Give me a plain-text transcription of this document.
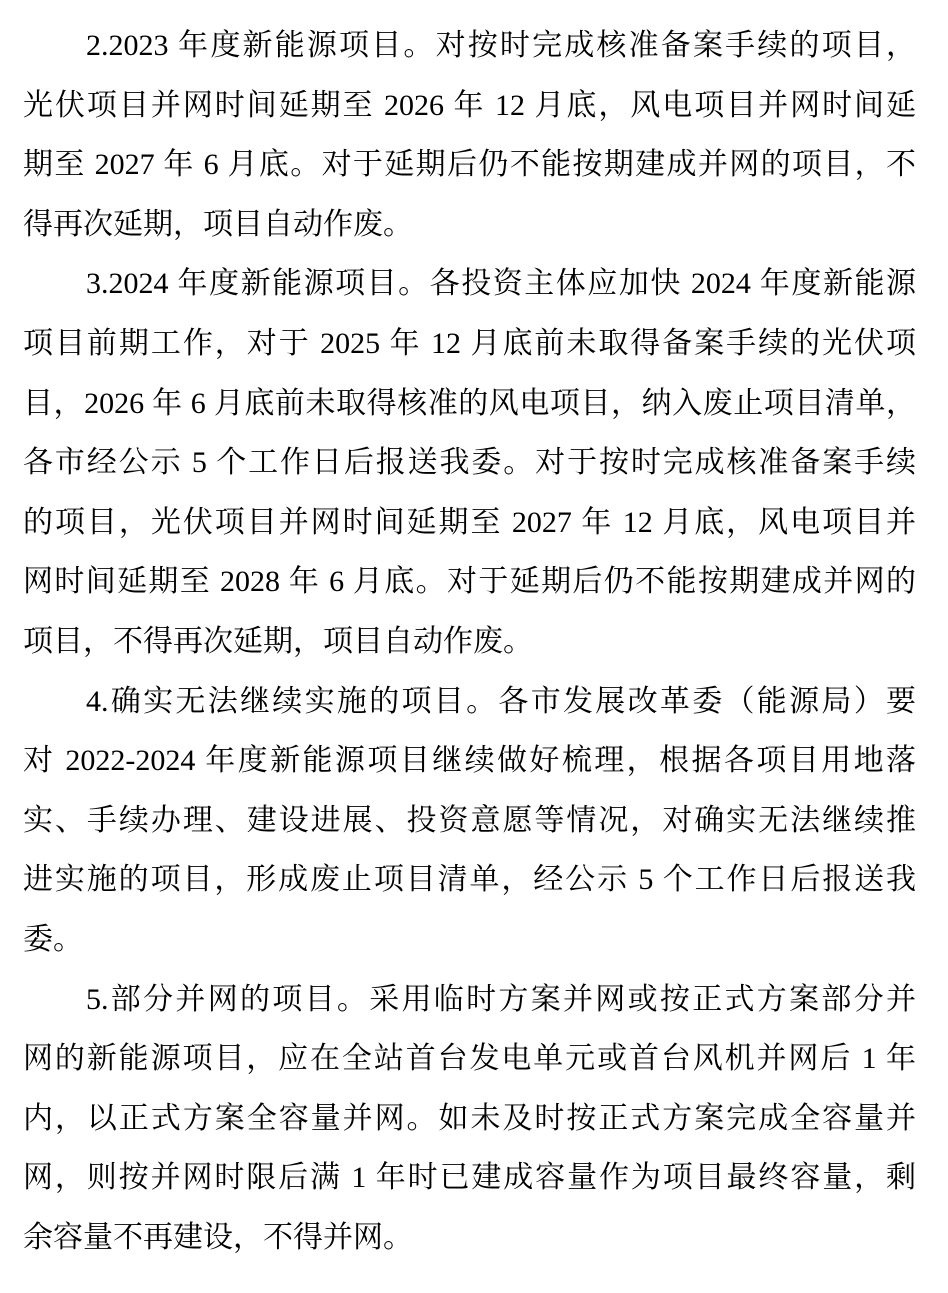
2.2023 年度新能源项目。对按时完成核准备案手续的项目，
光伏项目并网时间延期至 2026 年 12 月底，风电项目并网时间延
期至 2027 年 6 月底。对于延期后仍不能按期建成并网的项目，不
得再次延期，项目自动作废。
3.2024 年度新能源项目。各投资主体应加快 2024 年度新能源
项目前期工作，对于 2025 年 12 月底前未取得备案手续的光伏项
目，2026 年 6 月底前未取得核准的风电项目，纳入废止项目清单，
各市经公示 5 个工作日后报送我委。对于按时完成核准备案手续
的项目，光伏项目并网时间延期至 2027 年 12 月底，风电项目并
网时间延期至 2028 年 6 月底。对于延期后仍不能按期建成并网的
项目，不得再次延期，项目自动作废。
4.确实无法继续实施的项目。各市发展改革委（能源局）要
对 2022-2024 年度新能源项目继续做好梳理，根据各项目用地落
实、手续办理、建设进展、投资意愿等情况，对确实无法继续推
进实施的项目，形成废止项目清单，经公示 5 个工作日后报送我
委。
5.部分并网的项目。采用临时方案并网或按正式方案部分并
网的新能源项目，应在全站首台发电单元或首台风机并网后 1 年
内，以正式方案全容量并网。如未及时按正式方案完成全容量并
网，则按并网时限后满 1 年时已建成容量作为项目最终容量，剩
余容量不再建设，不得并网。
